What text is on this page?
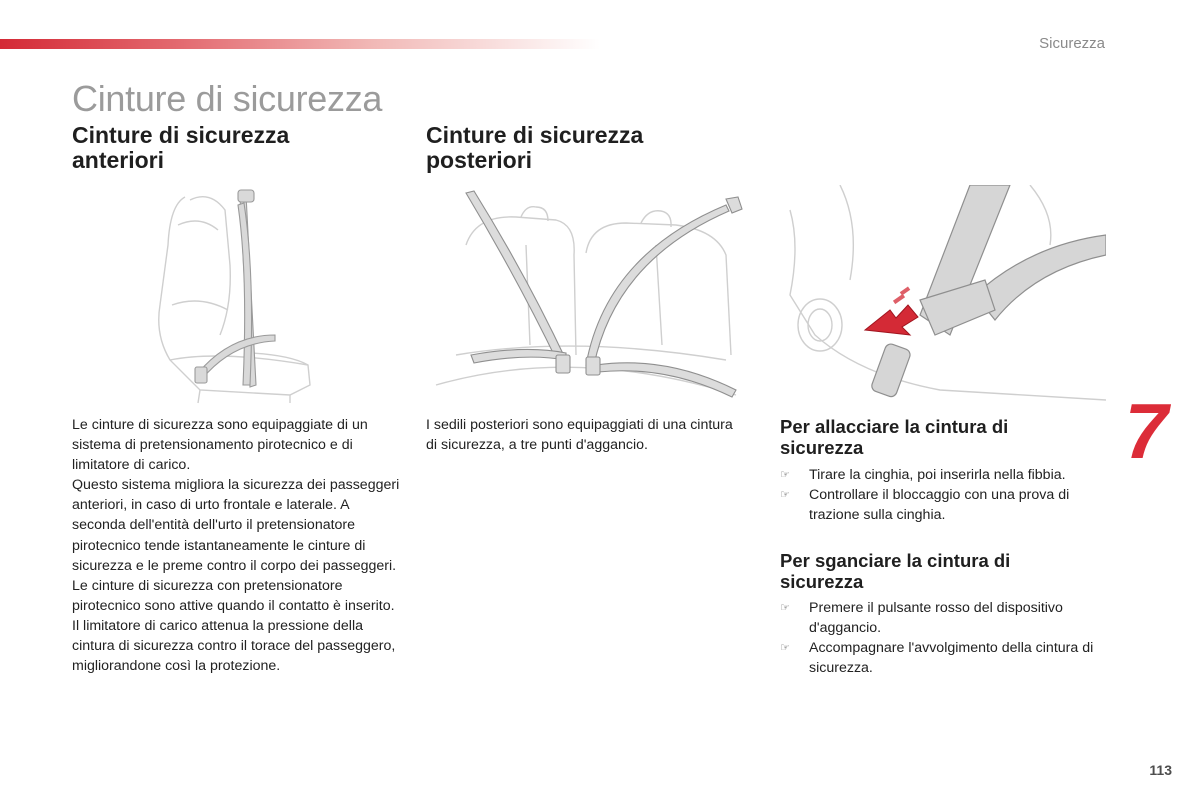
Sicurezza
Cinture di sicurezza
Cinture di sicurezza anteriori
Cinture di sicurezza posteriori

Le cinture di sicurezza sono equipaggiate di un sistema di pretensionamento pirotecnico e di limitatore di carico.

Questo sistema migliora la sicurezza dei passeggeri anteriori, in caso di urto frontale e laterale. A seconda dell'entità dell'urto il pretensionatore pirotecnico tende istantaneamente le cinture di sicurezza e le preme contro il corpo dei passeggeri.

Le cinture di sicurezza con pretensionatore pirotecnico sono attive quando il contatto è inserito.

Il limitatore di carico attenua la pressione della cintura di sicurezza contro il torace del passeggero, migliorandone così la protezione.

I sedili posteriori sono equipaggiati di una cintura di sicurezza, a tre punti d'aggancio.

Per allacciare la cintura di sicurezza
☞ Tirare la cinghia, poi inserirla nella fibbia.
☞ Controllare il bloccaggio con una prova di trazione sulla cinghia.
Per sganciare la cintura di sicurezza
☞ Premere il pulsante rosso del dispositivo d'aggancio.
☞ Accompagnare l'avvolgimento della cintura di sicurezza.
7
113
